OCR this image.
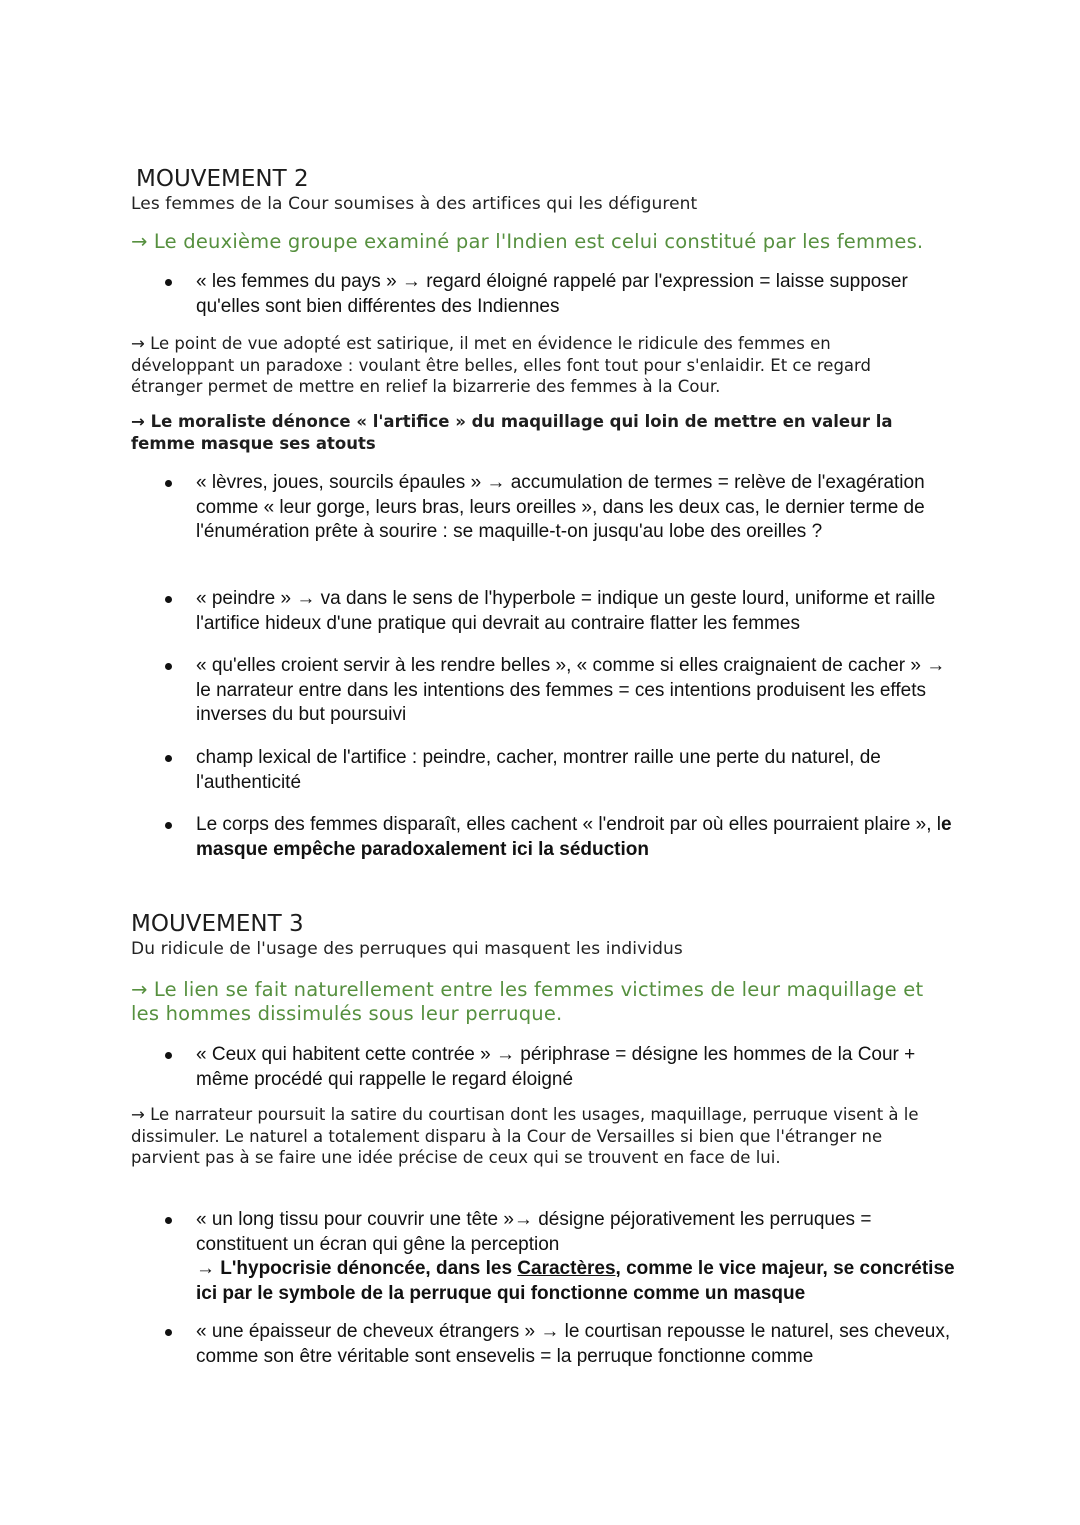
MOUVEMENT 2
Les femmes de la Cour soumises à des artifices qui les défigurent
→ Le deuxième groupe examiné par l'Indien est celui constitué par les femmes.
« les femmes du pays » → regard éloigné rappelé par l'expression = laisse supposer qu'elles sont bien différentes des Indiennes
→ Le point de vue adopté est satirique, il met en évidence le ridicule des femmes en développant un paradoxe : voulant être belles, elles font tout pour s'enlaidir. Et ce regard étranger permet de mettre en relief la bizarrerie des femmes à la Cour.
→ Le moraliste dénonce « l'artifice » du maquillage qui loin de mettre en valeur la femme masque ses atouts
« lèvres, joues, sourcils épaules » → accumulation de termes = relève de l'exagération comme « leur gorge, leurs bras, leurs oreilles », dans les deux cas, le dernier terme de l'énumération prête à sourire : se maquille-t-on jusqu'au lobe des oreilles ?
« peindre » → va dans le sens de l'hyperbole = indique un geste lourd, uniforme et raille l'artifice hideux d'une pratique qui devrait au contraire flatter les femmes
« qu'elles croient servir à les rendre belles », « comme si elles craignaient de cacher » → le narrateur entre dans les intentions des femmes = ces intentions produisent les effets inverses du but poursuivi
champ lexical de l'artifice : peindre, cacher, montrer raille une perte du naturel, de l'authenticité
Le corps des femmes disparaît, elles cachent « l'endroit par où elles pourraient plaire », le masque empêche paradoxalement ici la séduction
MOUVEMENT 3
Du ridicule de l'usage des perruques qui masquent les individus
→ Le lien se fait naturellement entre les femmes victimes de leur maquillage et les hommes dissimulés sous leur perruque.
« Ceux qui habitent cette contrée » → périphrase = désigne les hommes de la Cour + même procédé qui rappelle le regard éloigné
→ Le narrateur poursuit la satire du courtisan dont les usages, maquillage, perruque visent à le dissimuler. Le naturel a totalement disparu à la Cour de Versailles si bien que l'étranger ne parvient pas à se faire une idée précise de ceux qui se trouvent en face de lui.
« un long tissu pour couvrir une tête »→ désigne péjorativement les perruques = constituent un écran qui gêne la perception
→ L'hypocrisie dénoncée, dans les Caractères, comme le vice majeur, se concrétise ici par le symbole de la perruque qui fonctionne comme un masque
« une épaisseur de cheveux étrangers » → le courtisan repousse le naturel, ses cheveux, comme son être véritable sont ensevelis = la perruque fonctionne comme
